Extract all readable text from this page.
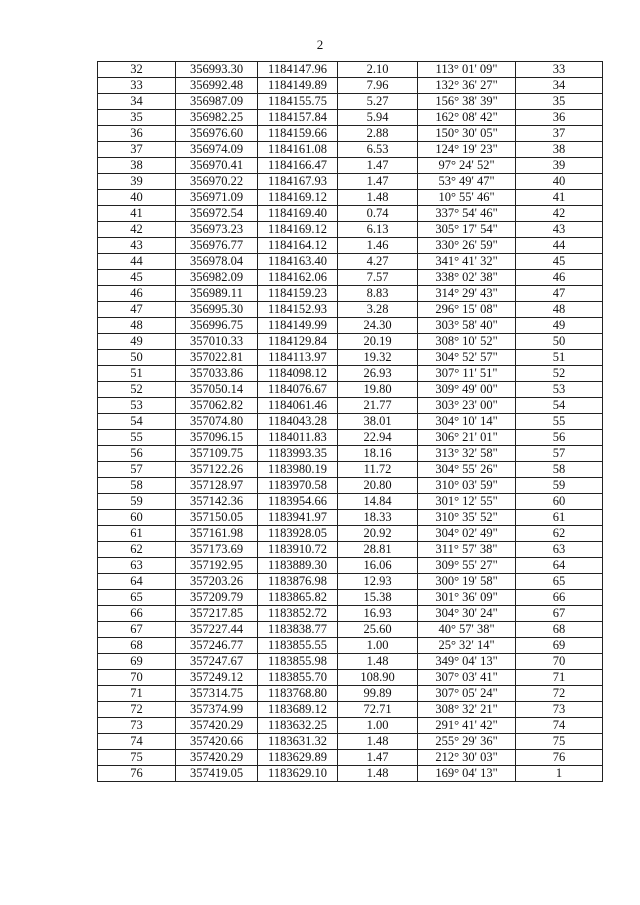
2
32	356993.30	1184147.96	2.10	113° 01' 09"	33
33	356992.48	1184149.89	7.96	132° 36' 27"	34
34	356987.09	1184155.75	5.27	156° 38' 39"	35
35	356982.25	1184157.84	5.94	162° 08' 42"	36
36	356976.60	1184159.66	2.88	150° 30' 05"	37
37	356974.09	1184161.08	6.53	124° 19' 23"	38
38	356970.41	1184166.47	1.47	97° 24' 52"	39
39	356970.22	1184167.93	1.47	53° 49' 47"	40
40	356971.09	1184169.12	1.48	10° 55' 46"	41
41	356972.54	1184169.40	0.74	337° 54' 46"	42
42	356973.23	1184169.12	6.13	305° 17' 54"	43
43	356976.77	1184164.12	1.46	330° 26' 59"	44
44	356978.04	1184163.40	4.27	341° 41' 32"	45
45	356982.09	1184162.06	7.57	338° 02' 38"	46
46	356989.11	1184159.23	8.83	314° 29' 43"	47
47	356995.30	1184152.93	3.28	296° 15' 08"	48
48	356996.75	1184149.99	24.30	303° 58' 40"	49
49	357010.33	1184129.84	20.19	308° 10' 52"	50
50	357022.81	1184113.97	19.32	304° 52' 57"	51
51	357033.86	1184098.12	26.93	307° 11' 51"	52
52	357050.14	1184076.67	19.80	309° 49' 00"	53
53	357062.82	1184061.46	21.77	303° 23' 00"	54
54	357074.80	1184043.28	38.01	304° 10' 14"	55
55	357096.15	1184011.83	22.94	306° 21' 01"	56
56	357109.75	1183993.35	18.16	313° 32' 58"	57
57	357122.26	1183980.19	11.72	304° 55' 26"	58
58	357128.97	1183970.58	20.80	310° 03' 59"	59
59	357142.36	1183954.66	14.84	301° 12' 55"	60
60	357150.05	1183941.97	18.33	310° 35' 52"	61
61	357161.98	1183928.05	20.92	304° 02' 49"	62
62	357173.69	1183910.72	28.81	311° 57' 38"	63
63	357192.95	1183889.30	16.06	309° 55' 27"	64
64	357203.26	1183876.98	12.93	300° 19' 58"	65
65	357209.79	1183865.82	15.38	301° 36' 09"	66
66	357217.85	1183852.72	16.93	304° 30' 24"	67
67	357227.44	1183838.77	25.60	40° 57' 38"	68
68	357246.77	1183855.55	1.00	25° 32' 14"	69
69	357247.67	1183855.98	1.48	349° 04' 13"	70
70	357249.12	1183855.70	108.90	307° 03' 41"	71
71	357314.75	1183768.80	99.89	307° 05' 24"	72
72	357374.99	1183689.12	72.71	308° 32' 21"	73
73	357420.29	1183632.25	1.00	291° 41' 42"	74
74	357420.66	1183631.32	1.48	255° 29' 36"	75
75	357420.29	1183629.89	1.47	212° 30' 03"	76
76	357419.05	1183629.10	1.48	169° 04' 13"	1
